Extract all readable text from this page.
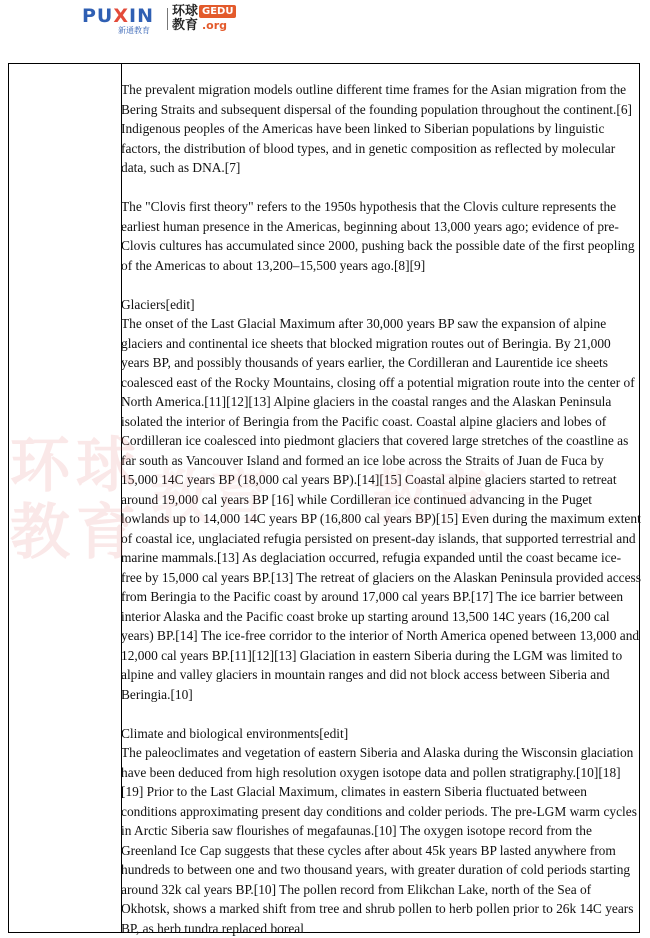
PUXIN
新通教育
环球
教育
GEDU
.org

The prevalent migration models outline different time frames for the Asian migration from the Bering Straits and subsequent dispersal of the founding population throughout the continent.[6] Indigenous peoples of the Americas have been linked to Siberian populations by linguistic factors, the distribution of blood types, and in genetic composition as reflected by molecular data, such as DNA.[7]

The "Clovis first theory" refers to the 1950s hypothesis that the Clovis culture represents the earliest human presence in the Americas, beginning about 13,000 years ago; evidence of pre-Clovis cultures has accumulated since 2000, pushing back the possible date of the first peopling of the Americas to about 13,200–15,500 years ago.[8][9]

Glaciers[edit]

The onset of the Last Glacial Maximum after 30,000 years BP saw the expansion of alpine glaciers and continental ice sheets that blocked migration routes out of Beringia. By 21,000 years BP, and possibly thousands of years earlier, the Cordilleran and Laurentide ice sheets coalesced east of the Rocky Mountains, closing off a potential migration route into the center of North America.[11][12][13] Alpine glaciers in the coastal ranges and the Alaskan Peninsula isolated the interior of Beringia from the Pacific coast. Coastal alpine glaciers and lobes of Cordilleran ice coalesced into piedmont glaciers that covered large stretches of the coastline as far south as Vancouver Island and formed an ice lobe across the Straits of Juan de Fuca by 15,000 14C years BP (18,000 cal years BP).[14][15] Coastal alpine glaciers started to retreat around 19,000 cal years BP [16] while Cordilleran ice continued advancing in the Puget lowlands up to 14,000 14C years BP (16,800 cal years BP)[15] Even during the maximum extent of coastal ice, unglaciated refugia persisted on present-day islands, that supported terrestrial and marine mammals.[13] As deglaciation occurred, refugia expanded until the coast became ice-free by 15,000 cal years BP.[13] The retreat of glaciers on the Alaskan Peninsula provided access from Beringia to the Pacific coast by around 17,000 cal years BP.[17] The ice barrier between interior Alaska and the Pacific coast broke up starting around 13,500 14C years (16,200 cal years) BP.[14] The ice-free corridor to the interior of North America opened between 13,000 and 12,000 cal years BP.[11][12][13] Glaciation in eastern Siberia during the LGM was limited to alpine and valley glaciers in mountain ranges and did not block access between Siberia and Beringia.[10]

Climate and biological environments[edit]

The paleoclimates and vegetation of eastern Siberia and Alaska during the Wisconsin glaciation have been deduced from high resolution oxygen isotope data and pollen stratigraphy.[10][18][19] Prior to the Last Glacial Maximum, climates in eastern Siberia fluctuated between conditions approximating present day conditions and colder periods. The pre-LGM warm cycles in Arctic Siberia saw flourishes of megafaunas.[10] The oxygen isotope record from the Greenland Ice Cap suggests that these cycles after about 45k years BP lasted anywhere from hundreds to between one and two thousand years, with greater duration of cold periods starting around 32k cal years BP.[10] The pollen record from Elikchan Lake, north of the Sea of Okhotsk, shows a marked shift from tree and shrub pollen to herb pollen prior to 26k 14C years BP, as herb tundra replaced boreal

环球
教育 教育 教育
